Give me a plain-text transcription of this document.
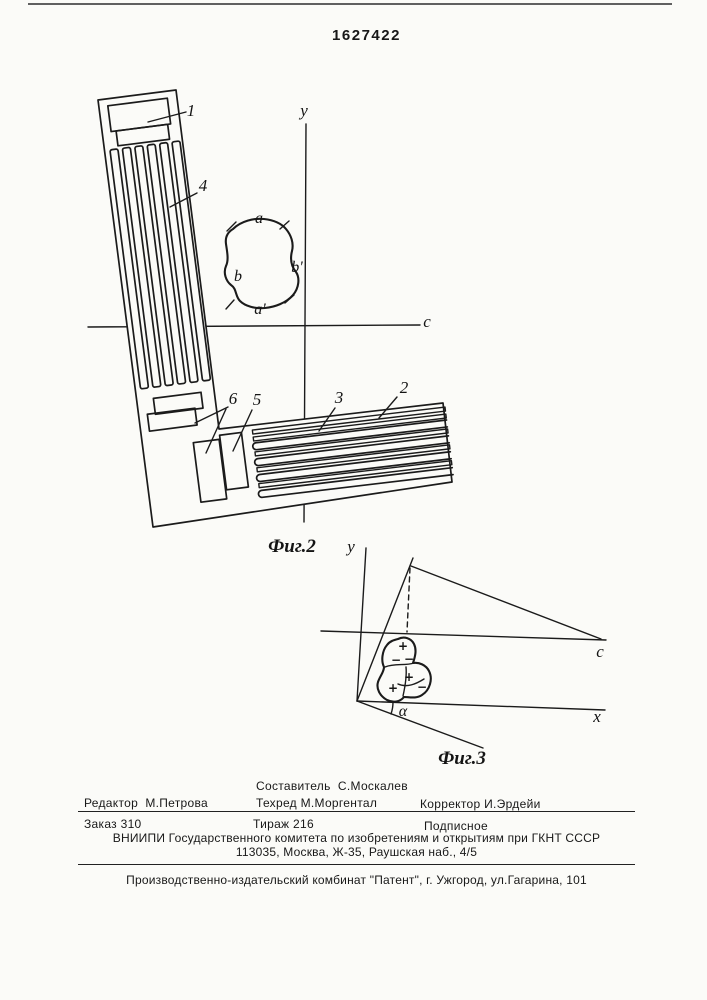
1627422
a
b
b'
a'
1
4
6 5	3
2
y
c
Фиг.2
+
− −
+
+ −
y
c
x
α
Фиг.3
Составитель  С.Москалев
Редактор  М.Петрова	Техред М.Моргентал	Корректор И.Эрдейи
Заказ 310	Тираж 216	Подписное
ВНИИПИ Государственного комитета по изобретениям и открытиям при ГКНТ СССР
113035, Москва, Ж-35, Раушская наб., 4/5
Производственно-издательский комбинат "Патент", г. Ужгород, ул.Гагарина, 101
